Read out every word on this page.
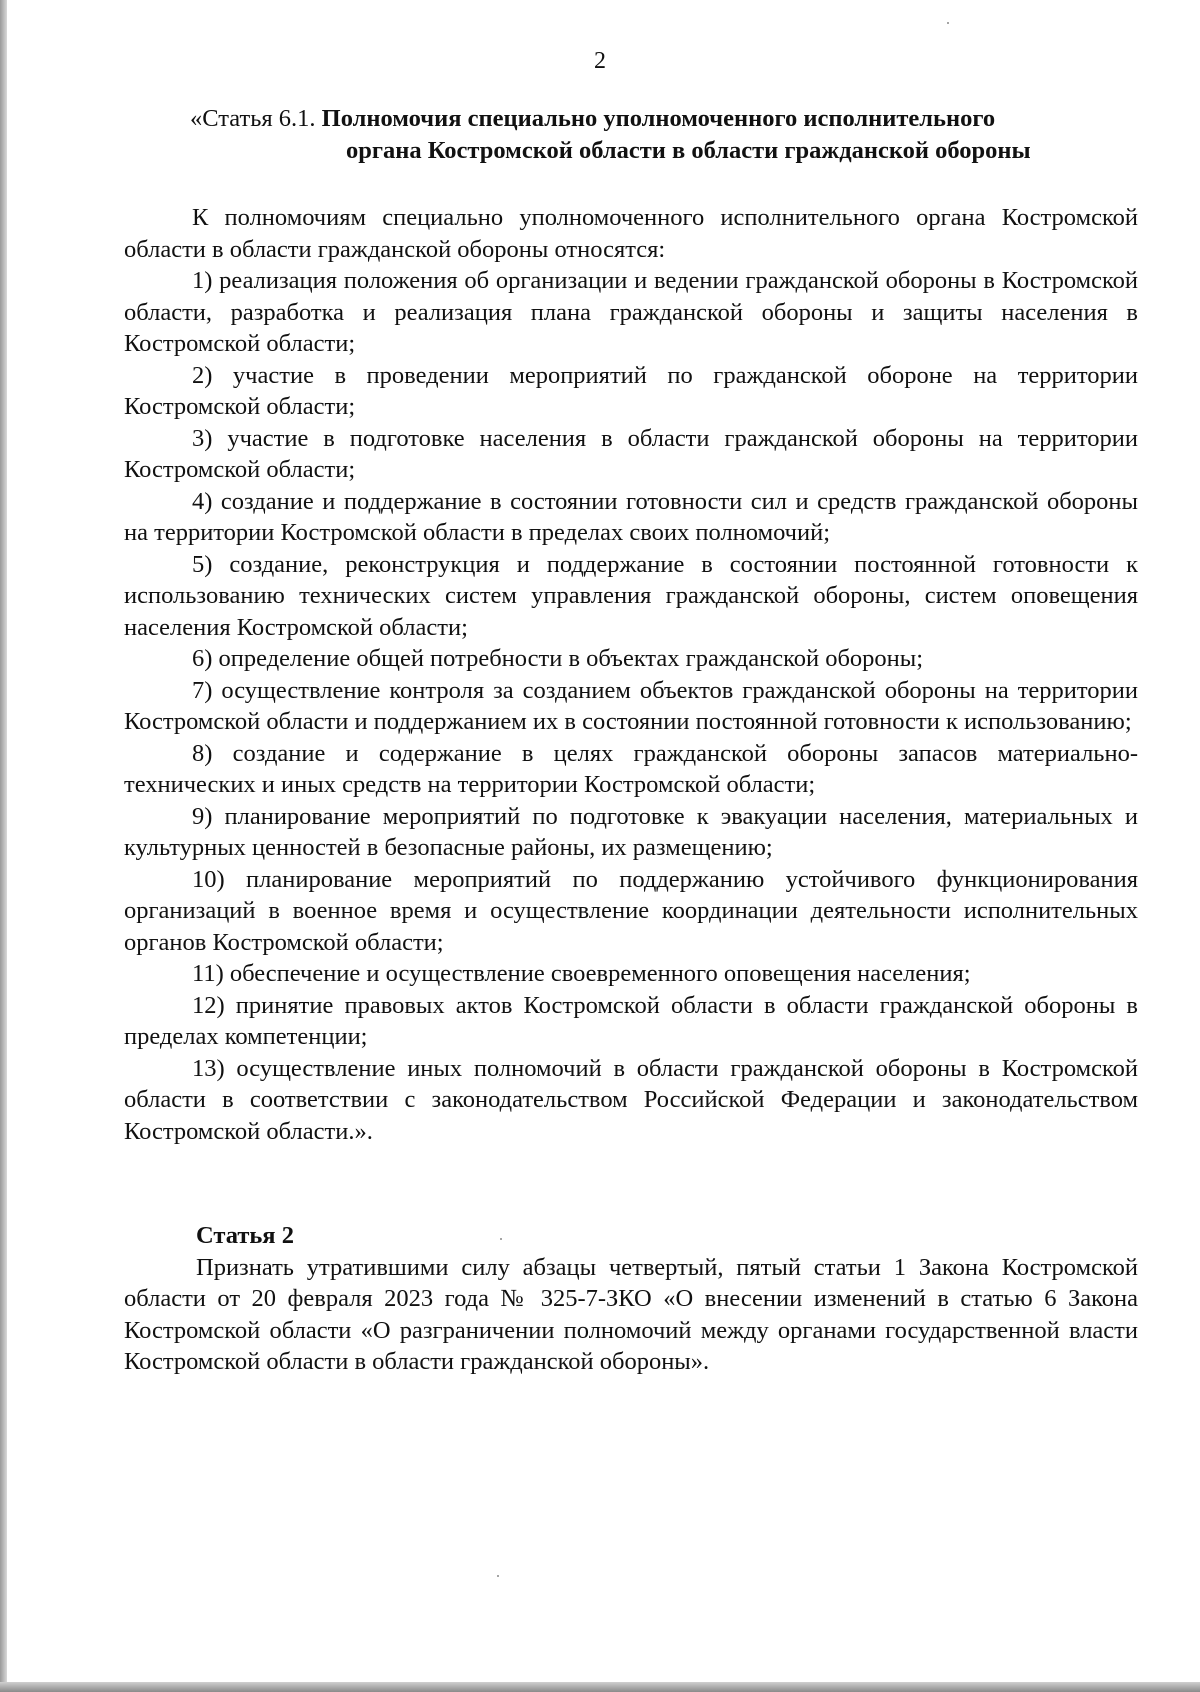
2
«Статья 6.1. Полномочия специально уполномоченного исполнительного
органа Костромской области в области гражданской обороны

К полномочиям специально уполномоченного исполнительного органа Костромской области в области гражданской обороны относятся:

1) реализация положения об организации и ведении гражданской обороны в Костромской области, разработка и реализация плана гражданской обороны и защиты населения в Костромской области;

2) участие в проведении мероприятий по гражданской обороне на территории Костромской области;

3) участие в подготовке населения в области гражданской обороны на территории Костромской области;

4) создание и поддержание в состоянии готовности сил и средств гражданской обороны на территории Костромской области в пределах своих полномочий;

5) создание, реконструкция и поддержание в состоянии постоянной готовности к использованию технических систем управления гражданской обороны, систем оповещения населения Костромской области;

6) определение общей потребности в объектах гражданской обороны;

7) осуществление контроля за созданием объектов гражданской обороны на территории Костромской области и поддержанием их в состоянии постоянной готовности к использованию;

8) создание и содержание в целях гражданской обороны запасов материально-технических и иных средств на территории Костромской области;

9) планирование мероприятий по подготовке к эвакуации населения, материальных и культурных ценностей в безопасные районы, их размещению;

10) планирование мероприятий по поддержанию устойчивого функционирования организаций в военное время и осуществление координации деятельности исполнительных органов Костромской области;

11) обеспечение и осуществление своевременного оповещения населения;

12) принятие правовых актов Костромской области в области гражданской обороны в пределах компетенции;

13) осуществление иных полномочий в области гражданской обороны в Костромской области в соответствии с законодательством Российской Федерации и законодательством Костромской области.».

Статья 2

Признать утратившими силу абзацы четвертый, пятый статьи 1 Закона Костромской области от 20 февраля 2023 года № 325-7-ЗКО «О внесении изменений в статью 6 Закона Костромской области «О разграничении полномочий между органами государственной власти Костромской области в области гражданской обороны».
